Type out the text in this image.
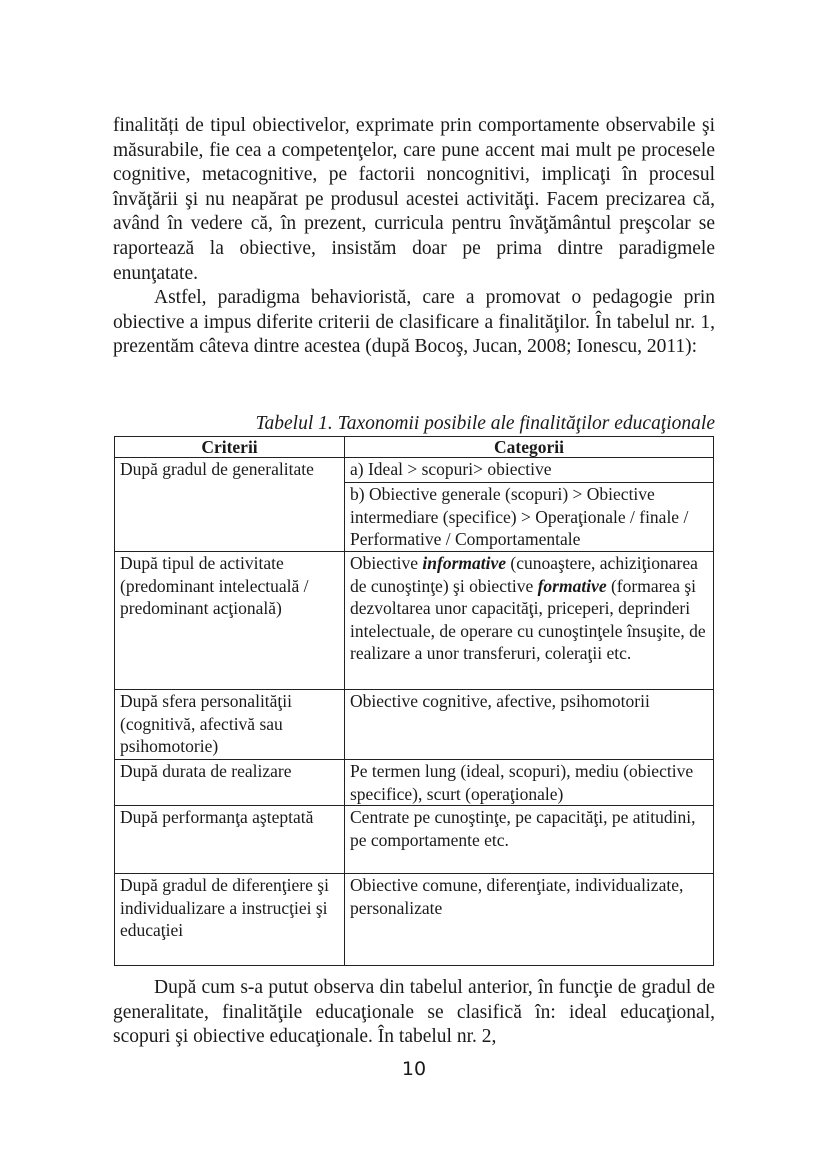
finalități de tipul obiectivelor, exprimate prin comportamente observabile şi măsurabile, fie cea a competenţelor, care pune accent mai mult pe procesele cognitive, metacognitive, pe factorii noncognitivi, implicaţi în procesul învăţării şi nu neapărat pe produsul acestei activităţi. Facem precizarea că, având în vedere că, în prezent, curricula pentru învăţământul preşcolar se raportează la obiective, insistăm doar pe prima dintre paradigmele enunţatate.

Astfel, paradigma behavioristă, care a promovat o pedagogie prin obiective a impus diferite criterii de clasificare a finalităţilor. În tabelul nr. 1, prezentăm câteva dintre acestea (după Bocoş, Jucan, 2008; Ionescu, 2011):

Tabelul 1. Taxonomii posibile ale finalităţilor educaţionale
Criterii	Categorii
După gradul de generalitate	a) Ideal > scopuri> obiective
b) Obiective generale (scopuri) > Obiective intermediare (specifice) > Operaţionale / finale / Performative / Comportamentale

După tipul de activitate (predominant intelectuală / predominant acţională)	Obiective informative (cunoaştere, achiziţionarea de cunoştinţe) şi obiective formative (formarea şi dezvoltarea unor capacităţi, priceperi, deprinderi intelectuale, de operare cu cunoştinţele însuşite, de realizare a unor transferuri, coleraţii etc.
După sfera personalităţii (cognitivă, afectivă sau psihomotorie)	Obiective cognitive, afective, psihomotorii
După durata de realizare	Pe termen lung (ideal, scopuri), mediu (obiective specifice), scurt (operaţionale)
După performanţa aşteptată	Centrate pe cunoştinţe, pe capacităţi, pe atitudini, pe comportamente etc.
După gradul de diferenţiere şi individualizare a instrucţiei şi educaţiei	Obiective comune, diferenţiate, individualizate, personalizate

După cum s-a putut observa din tabelul anterior, în funcţie de gradul de generalitate, finalităţile educaţionale se clasifică în: ideal educaţional, scopuri şi obiective educaţionale. În tabelul nr. 2,

10
